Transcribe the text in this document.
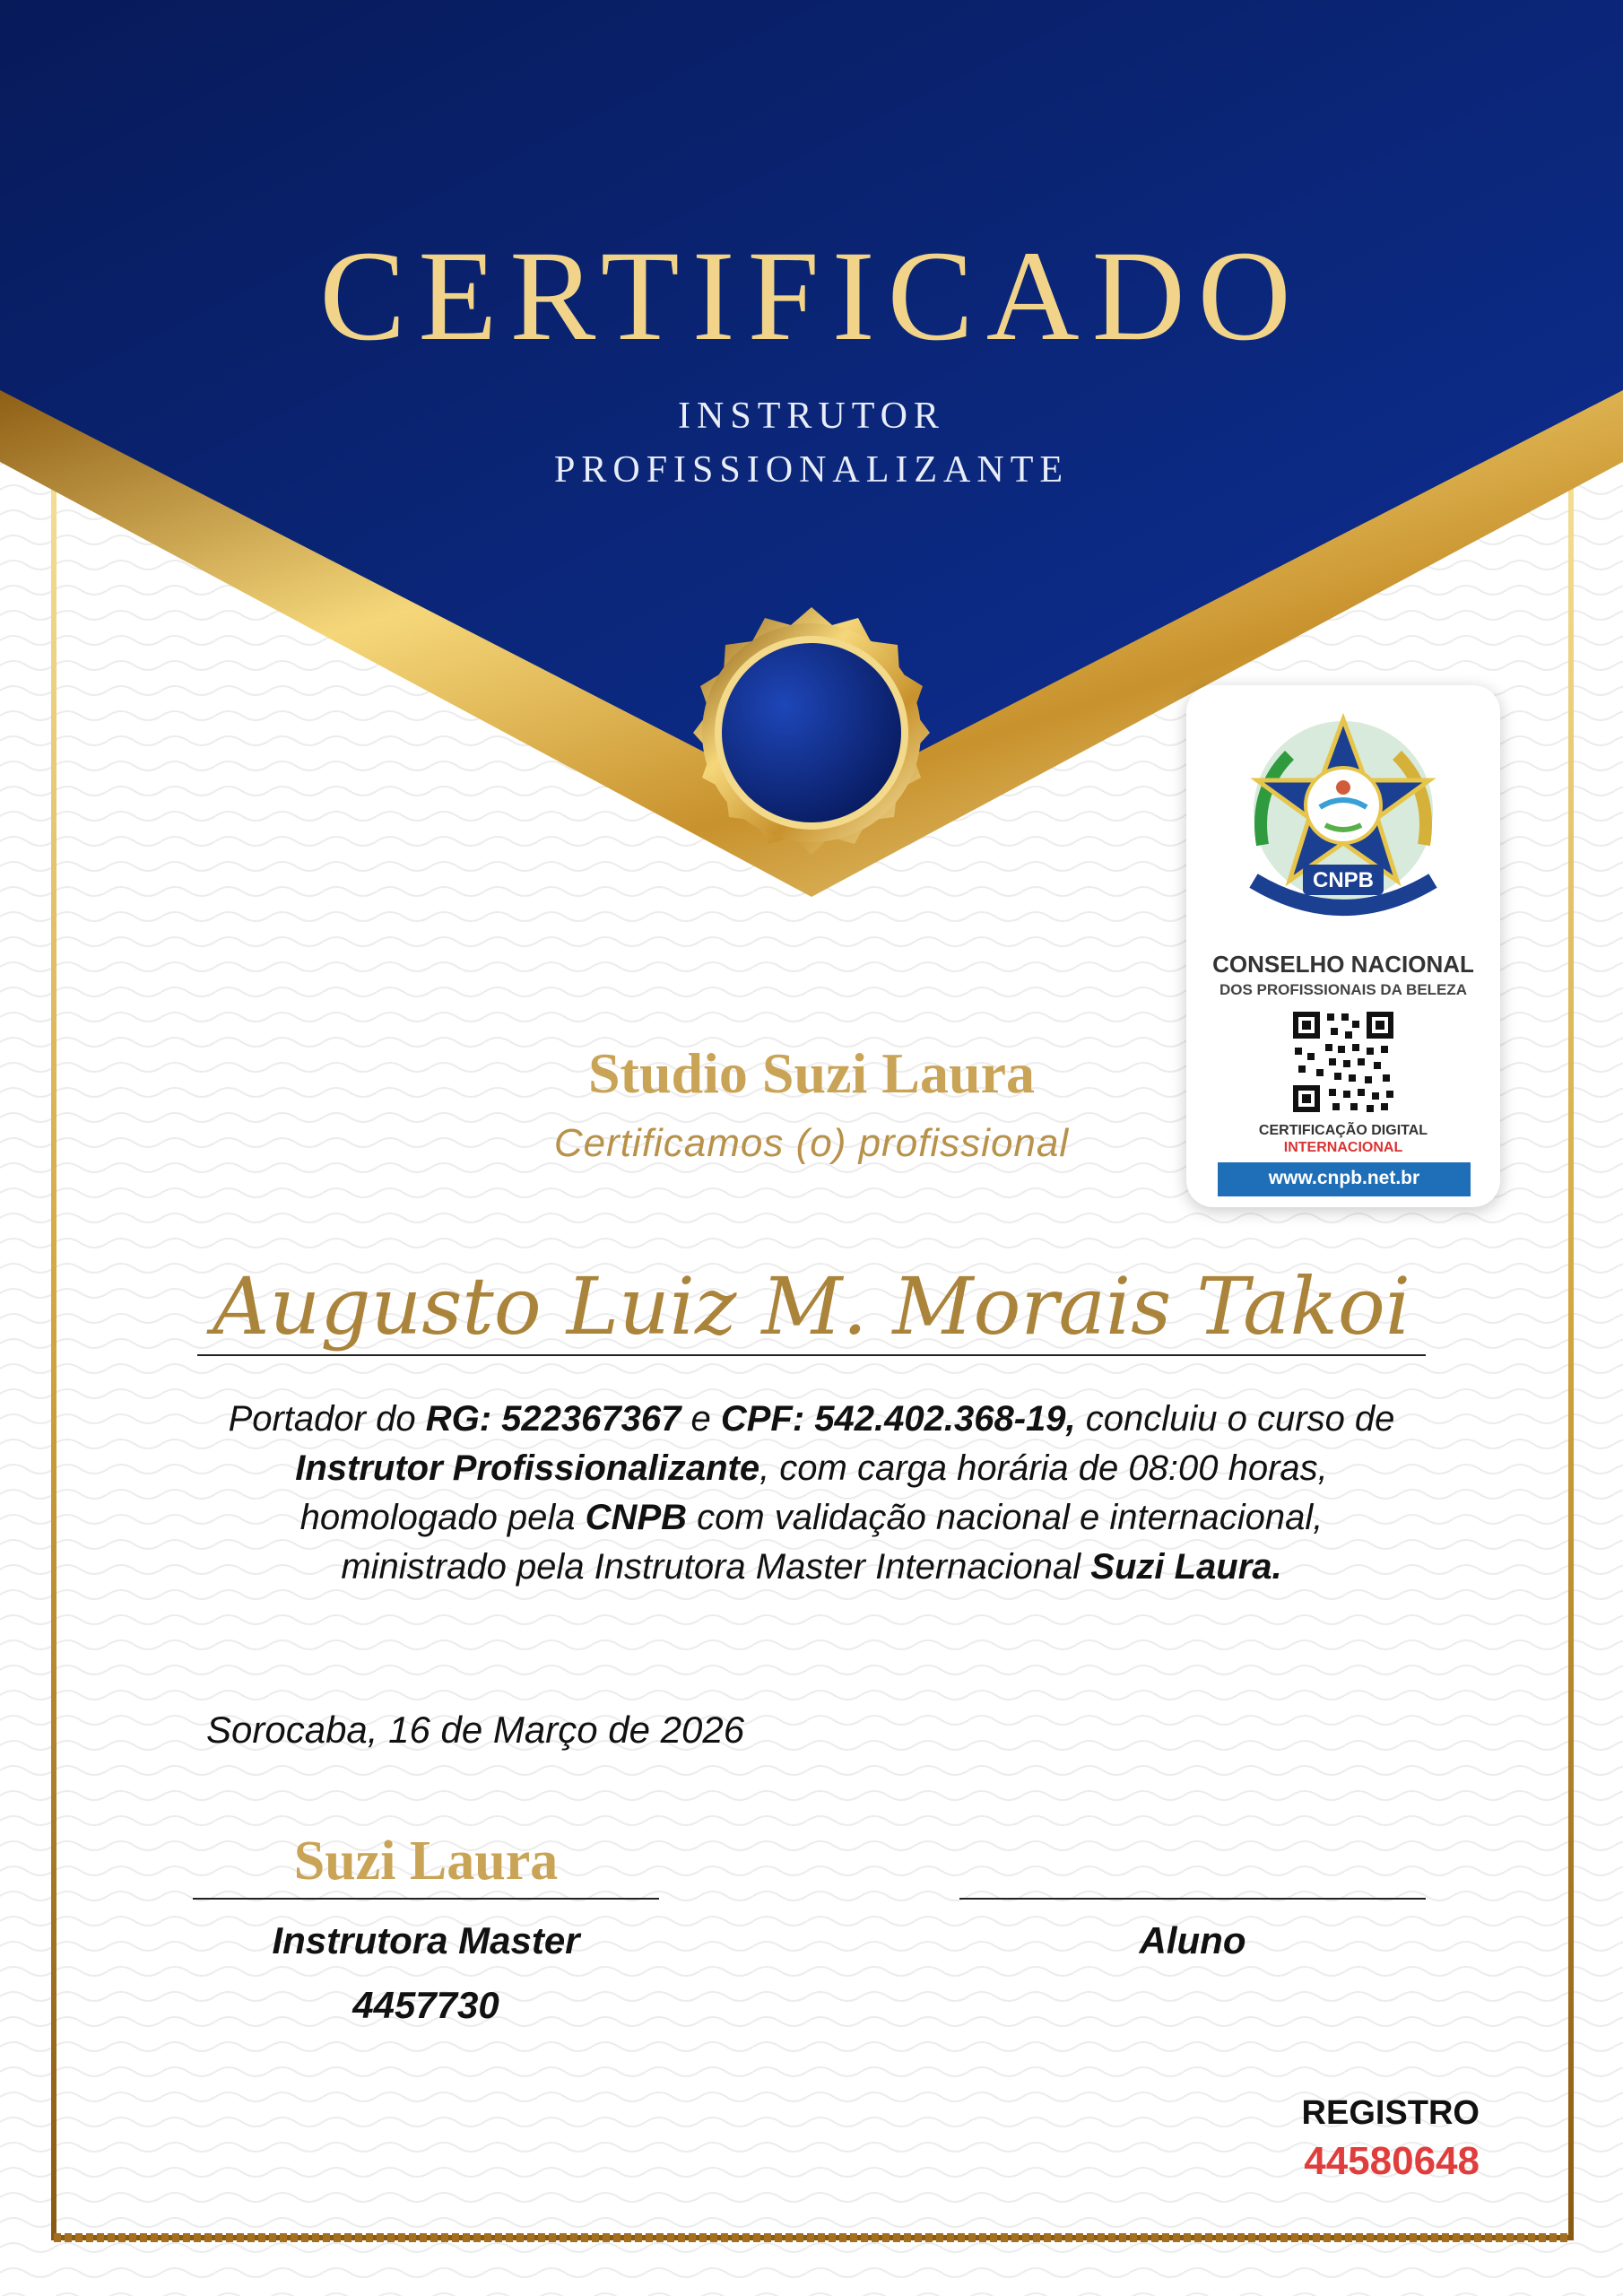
CERTIFICADO
INSTRUTOR
PROFISSIONALIZANTE
CNPB
CONSELHO NACIONAL
DOS PROFISSIONAIS DA BELEZA
CERTIFICAÇÃO DIGITAL
INTERNACIONAL
www.cnpb.net.br
Studio Suzi Laura
Certificamos (o) profissional
Augusto Luiz M. Morais Takoi
Portador do RG: 522367367 e CPF: 542.402.368-19, concluiu o curso de Instrutor Profissionalizante, com carga horária de 08:00 horas, homologado pela CNPB com validação nacional e internacional, ministrado pela Instrutora Master Internacional Suzi Laura.
Sorocaba, 16 de Março de 2026
Suzi Laura
Instrutora Master
4457730
Aluno
REGISTRO
44580648
